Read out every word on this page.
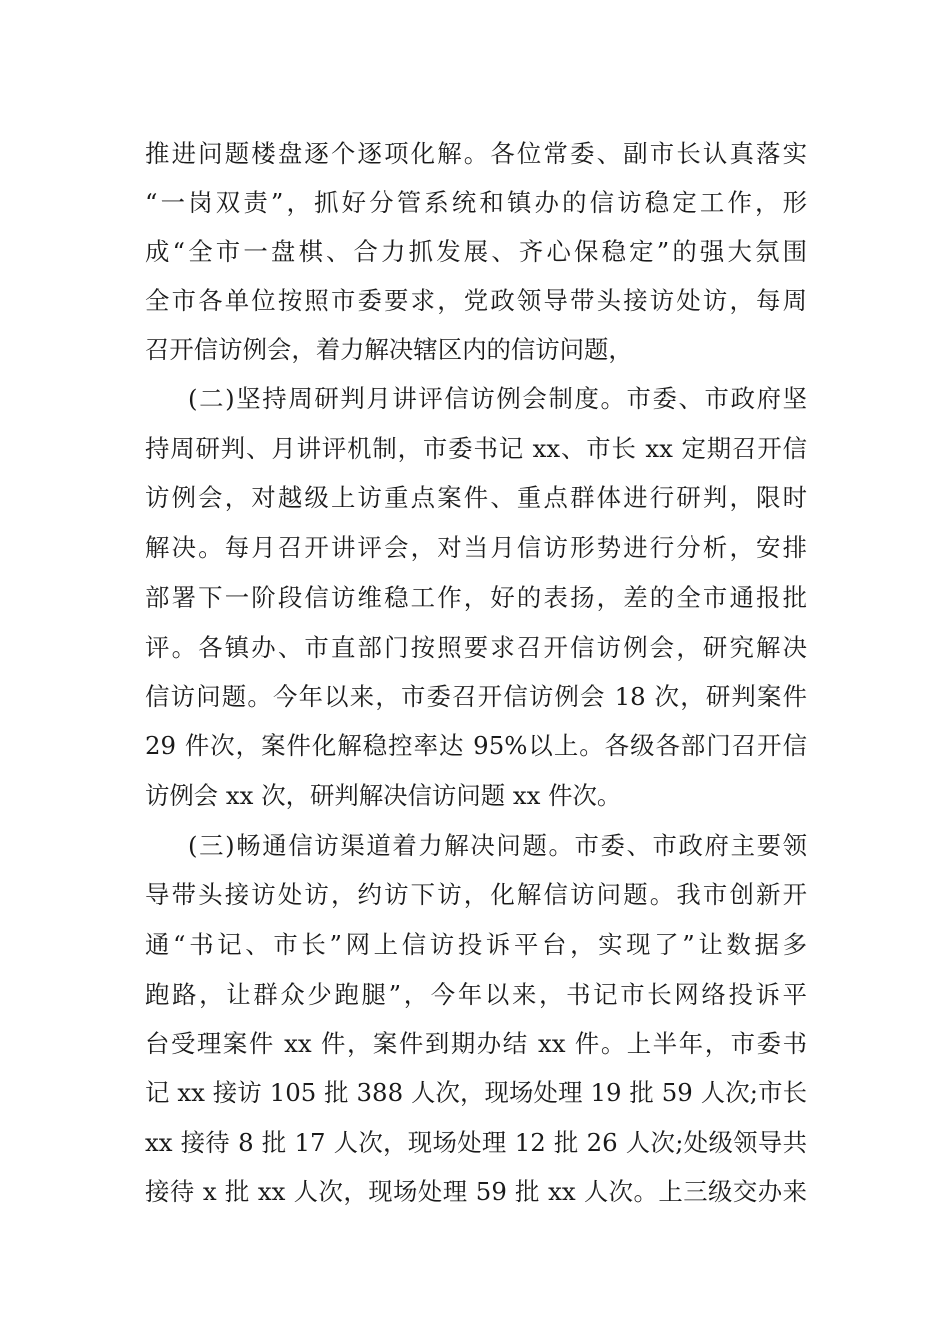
推进问题楼盘逐个逐项化解。各位常委、副市长认真落实
“一岗双责”，抓好分管系统和镇办的信访稳定工作，形
成“全市一盘棋、合力抓发展、齐心保稳定”的强大氛围
全市各单位按照市委要求，党政领导带头接访处访，每周
召开信访例会，着力解决辖区内的信访问题，
(二)坚持周研判月讲评信访例会制度。市委、市政府坚
持周研判、月讲评机制，市委书记 xx、市长 xx 定期召开信
访例会，对越级上访重点案件、重点群体进行研判，限时
解决。每月召开讲评会，对当月信访形势进行分析，安排
部署下一阶段信访维稳工作，好的表扬，差的全市通报批
评。各镇办、市直部门按照要求召开信访例会，研究解决
信访问题。今年以来，市委召开信访例会 18 次，研判案件
29 件次，案件化解稳控率达 95%以上。各级各部门召开信
访例会 xx 次，研判解决信访问题 xx 件次。
(三)畅通信访渠道着力解决问题。市委、市政府主要领
导带头接访处访，约访下访，化解信访问题。我市创新开
通“书记、市长”网上信访投诉平台，实现了”让数据多
跑路，让群众少跑腿”，今年以来，书记市长网络投诉平
台受理案件 xx 件，案件到期办结 xx 件。上半年，市委书
记 xx 接访 105 批 388 人次，现场处理 19 批 59 人次;市长
xx 接待 8 批 17 人次，现场处理 12 批 26 人次;处级领导共
接待 x 批 xx 人次，现场处理 59 批 xx 人次。上三级交办来
